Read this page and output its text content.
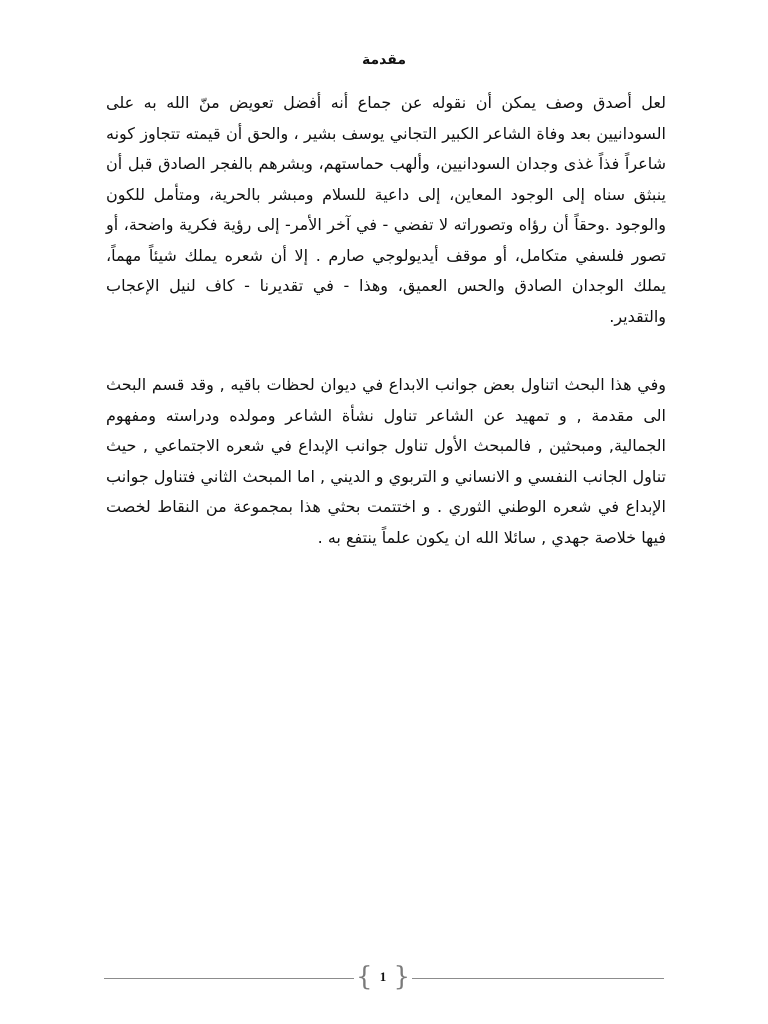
مقدمة

لعل أصدق وصف يمكن أن نقوله عن جماع أنه أفضل تعويض منّ الله به على السودانيين بعد وفاة الشاعر الكبير التجاني يوسف بشير ، والحق أن قيمته تتجاوز كونه شاعراً فذاً غذى وجدان السودانيين، وألهب حماستهم، وبشرهم بالفجر الصادق قبل أن ينبثق سناه إلى الوجود المعاين، إلى داعية للسلام ومبشر بالحرية، ومتأمل للكون والوجود .وحقاً أن رؤاه وتصوراته لا تفضي - في آخر الأمر- إلى رؤية فكرية واضحة، أو تصور فلسفي متكامل، أو موقف أيديولوجي صارم . إلا أن شعره يملك شيئاً مهماً، يملك الوجدان الصادق والحس العميق، وهذا - في تقديرنا - كاف لنيل الإعجاب والتقدير.

وفي هذا البحث اتناول بعض جوانب الابداع في ديوان لحظات باقيه , وقد قسم البحث الى مقدمة , و تمهيد عن الشاعر تناول نشأة الشاعر ومولده ودراسته ومفهوم الجمالية, ومبحثين , فالمبحث الأول تناول جوانب الإبداع في شعره الاجتماعي , حيث تناول الجانب النفسي و الانساني و التربوي و الديني , اما المبحث الثاني فتناول جوانب الإبداع في شعره الوطني الثوري . و اختتمت بحثي هذا بمجموعة من النقاط لخصت فيها خلاصة جهدي , سائلا الله ان يكون علماً ينتفع به .

{ 1 }
